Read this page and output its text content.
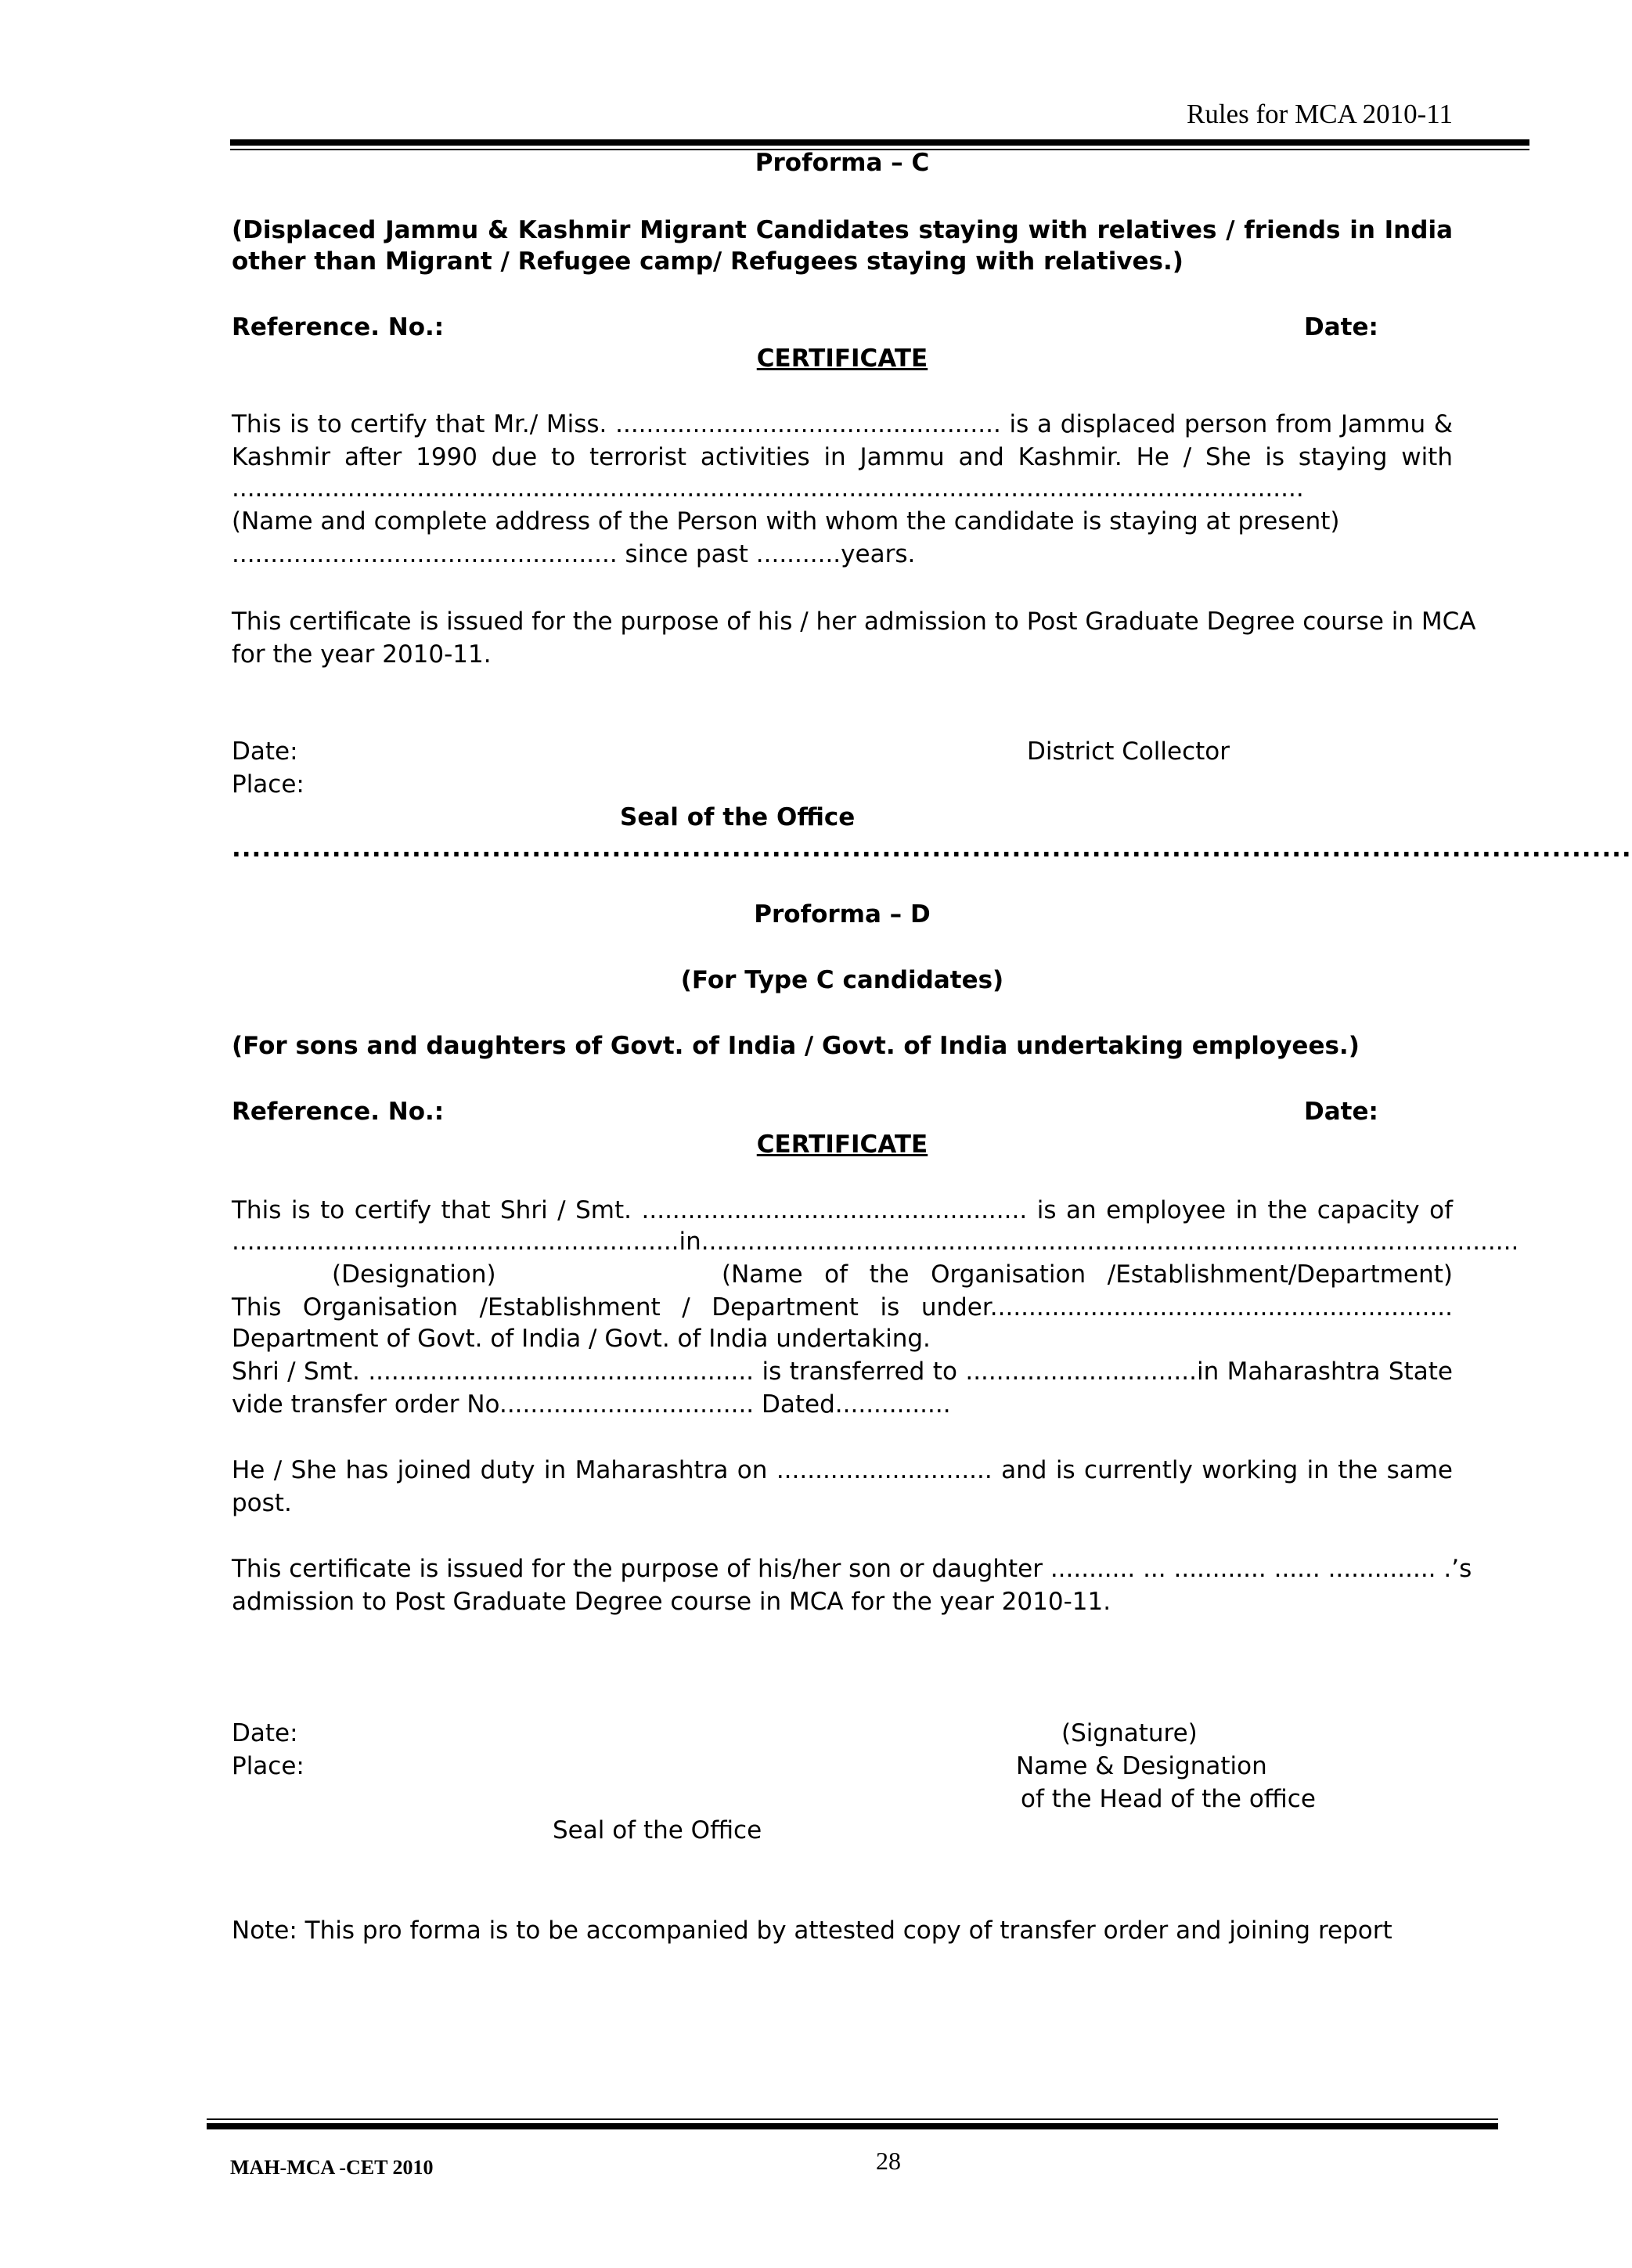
Rules for MCA 2010-11
Proforma – C
(Displaced Jammu & Kashmir Migrant Candidates staying with relatives / friends in India
other than Migrant / Refugee camp/ Refugees staying with relatives.)
Reference. No.:	Date:
CERTIFICATE
This is to certify that Mr./ Miss. .................................................. is a displaced person from Jammu &
Kashmir after 1990 due to terrorist activities in Jammu and Kashmir. He / She is staying with
...........................................................................................................................................
(Name and complete address of the Person with whom the candidate is staying at present)
.................................................. since past ...........years.
This certificate is issued for the purpose of his / her admission to Post Graduate Degree course in MCA
for the year 2010-11.
Date:	District Collector
Place:
Seal of the Office
............................................................................................................................................
Proforma – D
(For Type C candidates)
(For sons and daughters of Govt. of India / Govt. of India undertaking employees.)
Reference. No.:	Date:
CERTIFICATE
This is to certify that Shri / Smt. .................................................. is an employee in the capacity of
..........................................................in..........................................................................................................
(Designation)	(Name of the Organisation /Establishment/Department)
This Organisation /Establishment / Department is under............................................................
Department of Govt. of India / Govt. of India undertaking.
Shri / Smt. .................................................. is transferred to ..............................in Maharashtra State
vide transfer order No................................. Dated...............
He / She has joined duty in Maharashtra on ............................ and is currently working in the same
post.
This certificate is issued for the purpose of his/her son or daughter ........... ... ............ ...... .............. .’s
admission to Post Graduate Degree course in MCA for the year 2010-11.
Date:	(Signature)
Place:	Name & Designation
of the Head of the office
Seal of the Office
Note: This pro forma is to be accompanied by attested copy of transfer order and joining report
MAH-MCA -CET 2010	28
